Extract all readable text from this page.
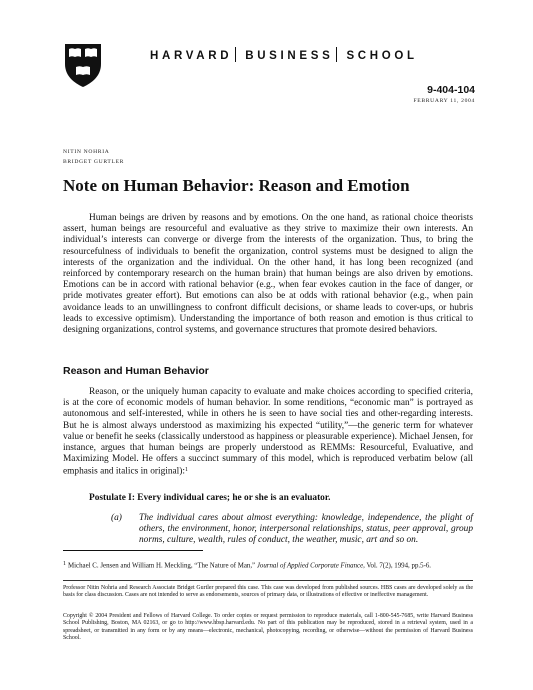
HARVARD BUSINESS SCHOOL
9-404-104
FEBRUARY 11, 2004
NITIN NOHRIA
BRIDGET GURTLER
Note on Human Behavior: Reason and Emotion

Human beings are driven by reasons and by emotions. On the one hand, as rational choice theorists assert, human beings are resourceful and evaluative as they strive to maximize their own interests. An individual’s interests can converge or diverge from the interests of the organization. Thus, to bring the resourcefulness of individuals to benefit the organization, control systems must be designed to align the interests of the organization and the individual. On the other hand, it has long been recognized (and reinforced by contemporary research on the human brain) that human beings are also driven by emotions. Emotions can be in accord with rational behavior (e.g., when fear evokes caution in the face of danger, or pride motivates greater effort). But emotions can also be at odds with rational behavior (e.g., when pain avoidance leads to an unwillingness to confront difficult decisions, or shame leads to cover-ups, or hubris leads to excessive optimism). Understanding the importance of both reason and emotion is thus critical to designing organizations, control systems, and governance structures that promote desired behaviors.

Reason and Human Behavior

Reason, or the uniquely human capacity to evaluate and make choices according to specified criteria, is at the core of economic models of human behavior. In some renditions, “economic man” is portrayed as autonomous and self-interested, while in others he is seen to have social ties and other-regarding interests. But he is almost always understood as maximizing his expected “utility,”—the generic term for whatever value or benefit he seeks (classically understood as happiness or pleasurable experience). Michael Jensen, for instance, argues that human beings are properly understood as REMMs: Resourceful, Evaluative, and Maximizing Model. He offers a succinct summary of this model, which is reproduced verbatim below (all emphasis and italics in original):$^1$

Postulate I: Every individual cares; he or she is an evaluator.

(a) The individual cares about almost everything: knowledge, independence, the plight of others, the environment, honor, interpersonal relationships, status, peer approval, group norms, culture, wealth, rules of conduct, the weather, music, art and so on.

$^1$ Michael C. Jensen and William H. Meckling, “The Nature of Man,” Journal of Applied Corporate Finance, Vol. 7(2), 1994, pp.5-6.

Professor Nitin Nohria and Research Associate Bridget Gurtler prepared this case. This case was developed from published sources. HBS cases are developed solely as the basis for class discussion. Cases are not intended to serve as endorsements, sources of primary data, or illustrations of effective or ineffective management.

Copyright © 2004 President and Fellows of Harvard College. To order copies or request permission to reproduce materials, call 1-800-545-7685, write Harvard Business School Publishing, Boston, MA 02163, or go to http://www.hbsp.harvard.edu. No part of this publication may be reproduced, stored in a retrieval system, used in a spreadsheet, or transmitted in any form or by any means—electronic, mechanical, photocopying, recording, or otherwise—without the permission of Harvard Business School.
